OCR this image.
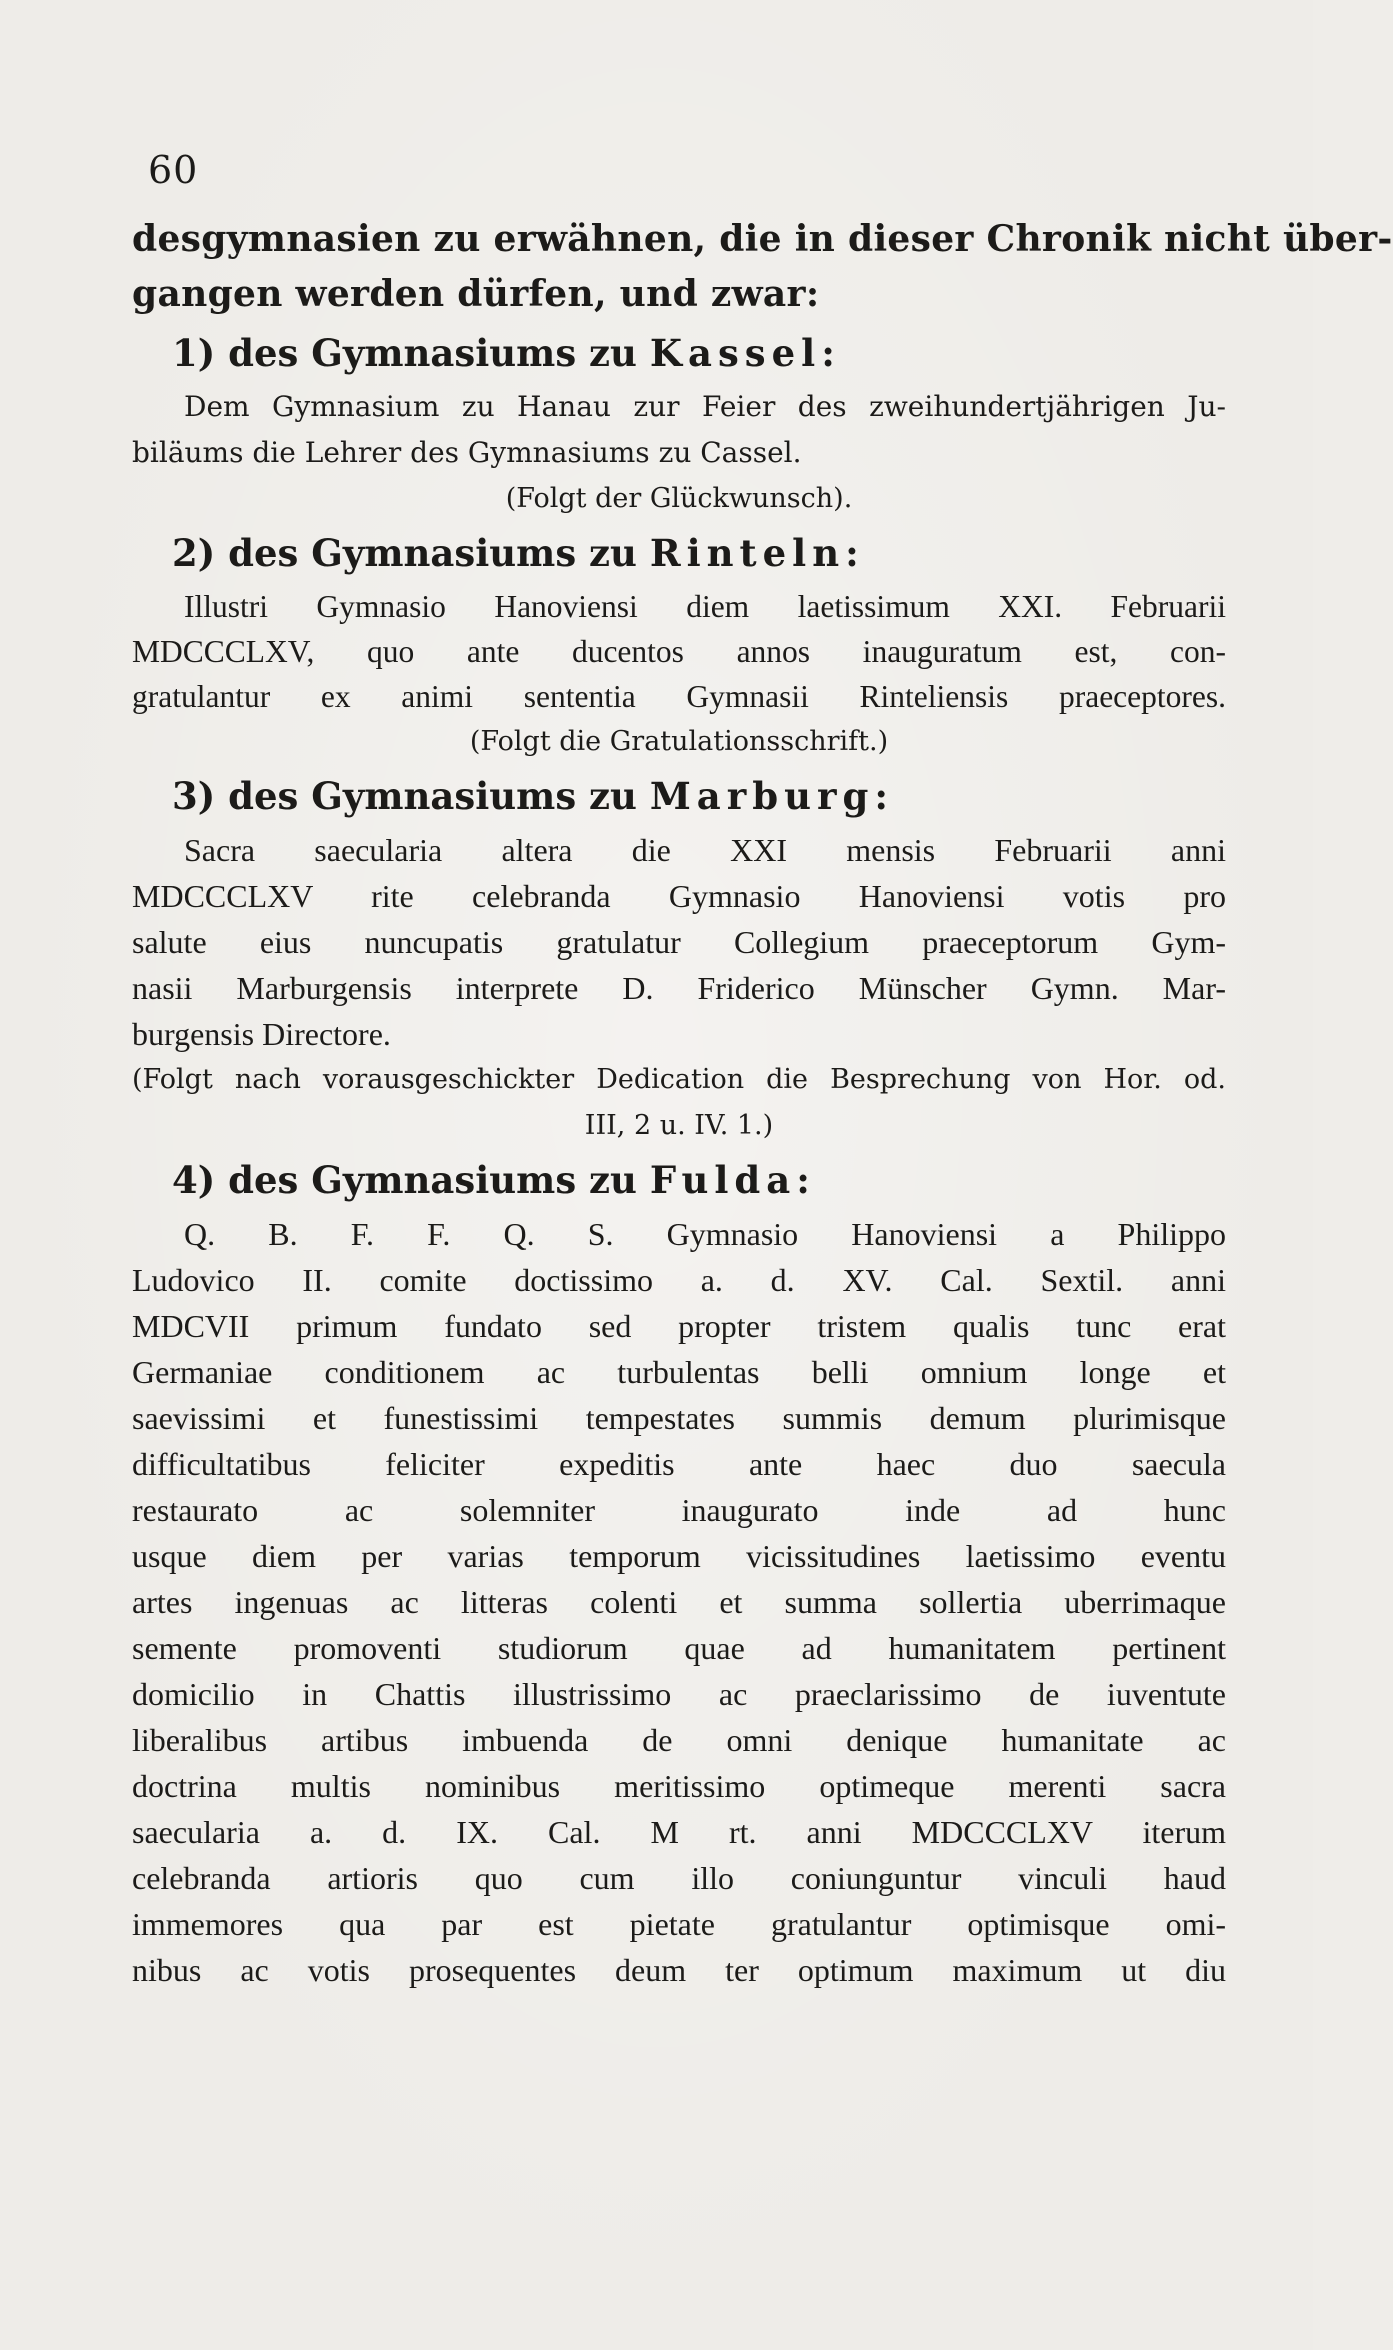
60

desgymnasien zu erwähnen, die in dieser Chronik nicht über-
gangen werden dürfen, und zwar:
1) des Gymnasiums zu Kassel:
Dem Gymnasium zu Hanau zur Feier des zweihundertjährigen Ju-
biläums die Lehrer des Gymnasiums zu Cassel.
(Folgt der Glückwunsch).
2) des Gymnasiums zu Rinteln:
Illustri Gymnasio Hanoviensi diem laetissimum XXI. Februarii
MDCCCLXV, quo ante ducentos annos inauguratum est, con-
gratulantur ex animi sententia Gymnasii Rinteliensis praeceptores.
(Folgt die Gratulationsschrift.)
3) des Gymnasiums zu Marburg:
Sacra saecularia altera die XXI mensis Februarii anni
MDCCCLXV rite celebranda Gymnasio Hanoviensi votis pro
salute eius nuncupatis gratulatur Collegium praeceptorum Gym-
nasii Marburgensis interprete D. Friderico Münscher Gymn. Mar-
burgensis Directore.
(Folgt nach vorausgeschickter Dedication die Besprechung von Hor. od.
III, 2 u. IV. 1.)
4) des Gymnasiums zu Fulda:
Q. B. F. F. Q. S. Gymnasio Hanoviensi a Philippo
Ludovico II. comite doctissimo a. d. XV. Cal. Sextil. anni
MDCVII primum fundato sed propter tristem qualis tunc erat
Germaniae conditionem ac turbulentas belli omnium longe et
saevissimi et funestissimi tempestates summis demum plurimisque
difficultatibus feliciter expeditis ante haec duo saecula
restaurato ac solemniter inaugurato inde ad hunc
usque diem per varias temporum vicissitudines laetissimo eventu
artes ingenuas ac litteras colenti et summa sollertia uberrimaque
semente promoventi studiorum quae ad humanitatem pertinent
domicilio in Chattis illustrissimo ac praeclarissimo de iuventute
liberalibus artibus imbuenda de omni denique humanitate ac
doctrina multis nominibus meritissimo optimeque merenti sacra
saecularia a. d. IX. Cal. M rt. anni MDCCCLXV iterum
celebranda artioris quo cum illo coniunguntur vinculi haud
immemores qua par est pietate gratulantur optimisque omi-
nibus ac votis prosequentes deum ter optimum maximum ut diu
